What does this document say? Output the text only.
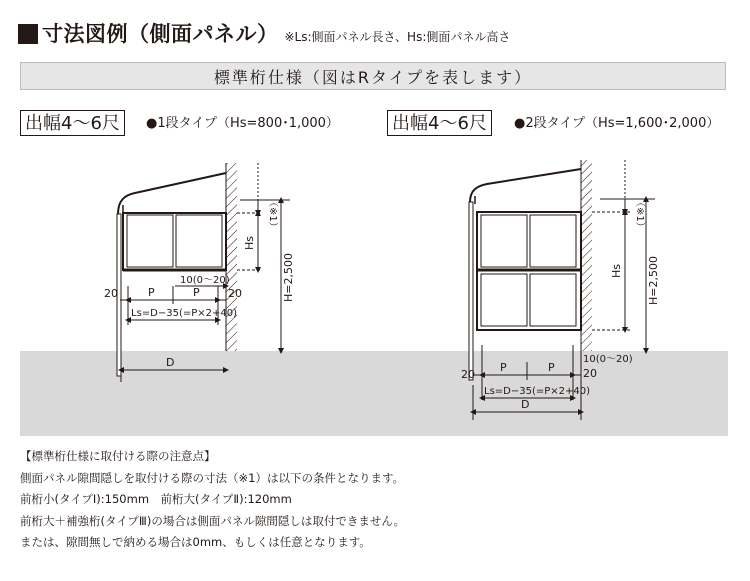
寸法図例（側面パネル） ※Ls:側面パネル長さ、Hs:側面パネル高さ
標準桁仕様（図はRタイプを表します）
出幅4〜6尺	●1段タイプ（Hs=800･1,000）	出幅4〜6尺	●2段タイプ（Hs=1,600･2,000）
P	P
20	20
10(0〜20)
Ls=D−35(=P×2+40)
D
Hs
H=2,500
（※1）
P	P
20	20
10(0〜20)
Ls=D−35(=P×2+40)
D
Hs H=2,500
（※1）
【標準桁仕様に取付ける際の注意点】
側面パネル隙間隠しを取付ける際の寸法（※1）は以下の条件となります。
前桁小(タイプⅠ):150mm　前桁大(タイプⅡ):120mm
前桁大＋補強桁(タイプⅢ)の場合は側面パネル隙間隠しは取付できません。
または、隙間無しで納める場合は0mm、もしくは任意となります。
